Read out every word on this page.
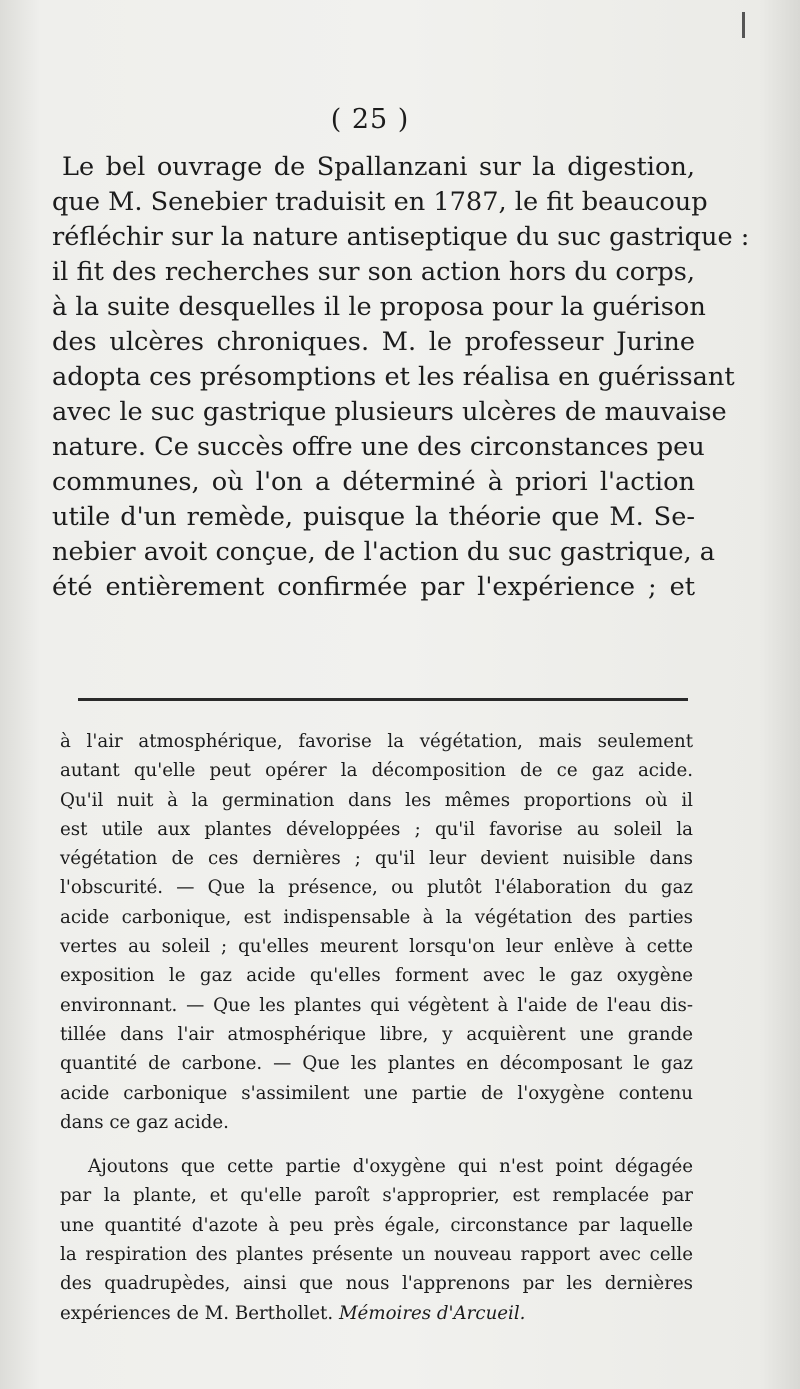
( 25 )
Le bel ouvrage de Spallanzani sur la digestion,
que M. Senebier traduisit en 1787, le fit beaucoup
réfléchir sur la nature antiseptique du suc gastrique :
il fit des recherches sur son action hors du corps,
à la suite desquelles il le proposa pour la guérison
des ulcères chroniques. M. le professeur Jurine
adopta ces présomptions et les réalisa en guérissant
avec le suc gastrique plusieurs ulcères de mauvaise
nature. Ce succès offre une des circonstances peu
communes, où l'on a déterminé à priori l'action
utile d'un remède, puisque la théorie que M. Se-
nebier avoit conçue, de l'action du suc gastrique, a
été entièrement confirmée par l'expérience ; et
à l'air atmosphérique, favorise la végétation, mais seulement
autant qu'elle peut opérer la décomposition de ce gaz acide.
Qu'il nuit à la germination dans les mêmes proportions où il
est utile aux plantes développées ; qu'il favorise au soleil la
végétation de ces dernières ; qu'il leur devient nuisible dans
l'obscurité. — Que la présence, ou plutôt l'élaboration du gaz
acide carbonique, est indispensable à la végétation des parties
vertes au soleil ; qu'elles meurent lorsqu'on leur enlève à cette
exposition le gaz acide qu'elles forment avec le gaz oxygène
environnant. — Que les plantes qui végètent à l'aide de l'eau dis-
tillée dans l'air atmosphérique libre, y acquièrent une grande
quantité de carbone. — Que les plantes en décomposant le gaz
acide carbonique s'assimilent une partie de l'oxygène contenu
dans ce gaz acide.
Ajoutons que cette partie d'oxygène qui n'est point dégagée
par la plante, et qu'elle paroît s'approprier, est remplacée par
une quantité d'azote à peu près égale, circonstance par laquelle
la respiration des plantes présente un nouveau rapport avec celle
des quadrupèdes, ainsi que nous l'apprenons par les dernières
expériences de M. Berthollet. Mémoires d'Arcueil.
